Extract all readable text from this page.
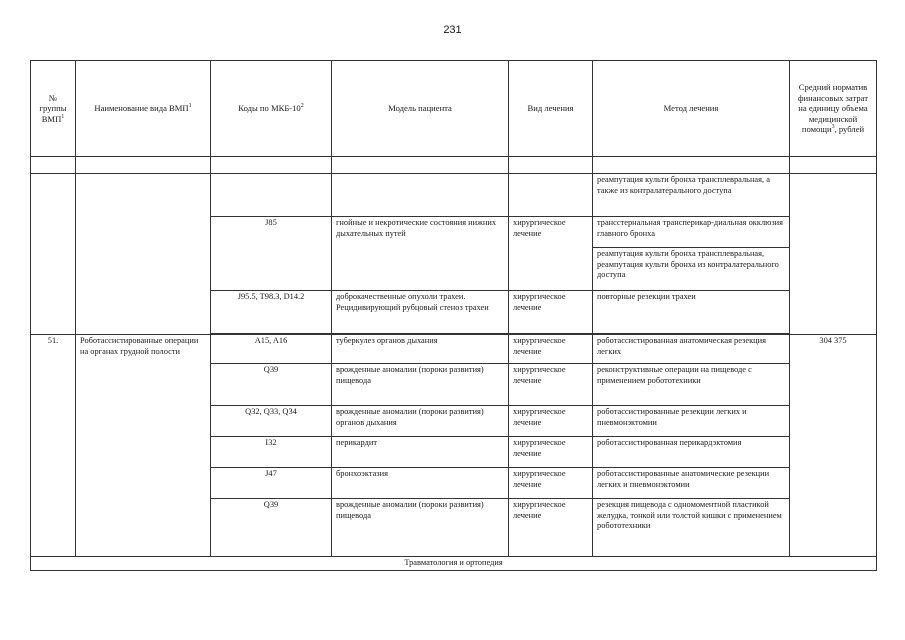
231
№ группы ВМП$^1$	Наименование вида ВМП$^1$	Коды по МКБ-$10^2$	Модель пациента	Вид лечения	Метод лечения	Средний норматив финансовых затрат на единицу объема медицинской помощи$^3$, рублей

					реампутация культи бронха трансплевральная, а также из контралатерального доступа	
		J85	гнойные и некротические состояния нижних дыхательных путей	хирургическое лечение	трансстернальная трансперикар-диальная окклюзия главного бронха	
					реампутация культи бронха трансплевральная, реампутация культи бронха из контралатерального доступа	
		J95.5, T98.3, D14.2	доброкачественные опухоли трахеи. Рецидивирующий рубцовый стеноз трахеи	хирургическое лечение	повторные резекции трахеи	

51.	Роботассистированные операции на органах грудной полости	A15, A16	туберкулез органов дыхания	хирургическое лечение	роботассистированная анатомическая резекция легких	304 375
		Q39	врожденные аномалии (пороки развития) пищевода	хирургическое лечение	реконструктивные операции на пищеводе с применением робототехники	
		Q32, Q33, Q34	врожденные аномалии (пороки развития) органов дыхания	хирургическое лечение	роботассистированные резекции легких и пневмонэктомии	
		I32	перикардит	хирургическое лечение	роботассистированная перикардэктомия	
		J47	бронхоэктазия	хирургическое лечение	роботассистированные анатомические резекции легких и пневмонэктомии	
		Q39	врожденные аномалии (пороки развития) пищевода	хирургическое лечение	резекция пищевода с одномоментной пластикой желудка, тонкой или толстой кишки с применением робототехники	
Травматология и ортопедия						
